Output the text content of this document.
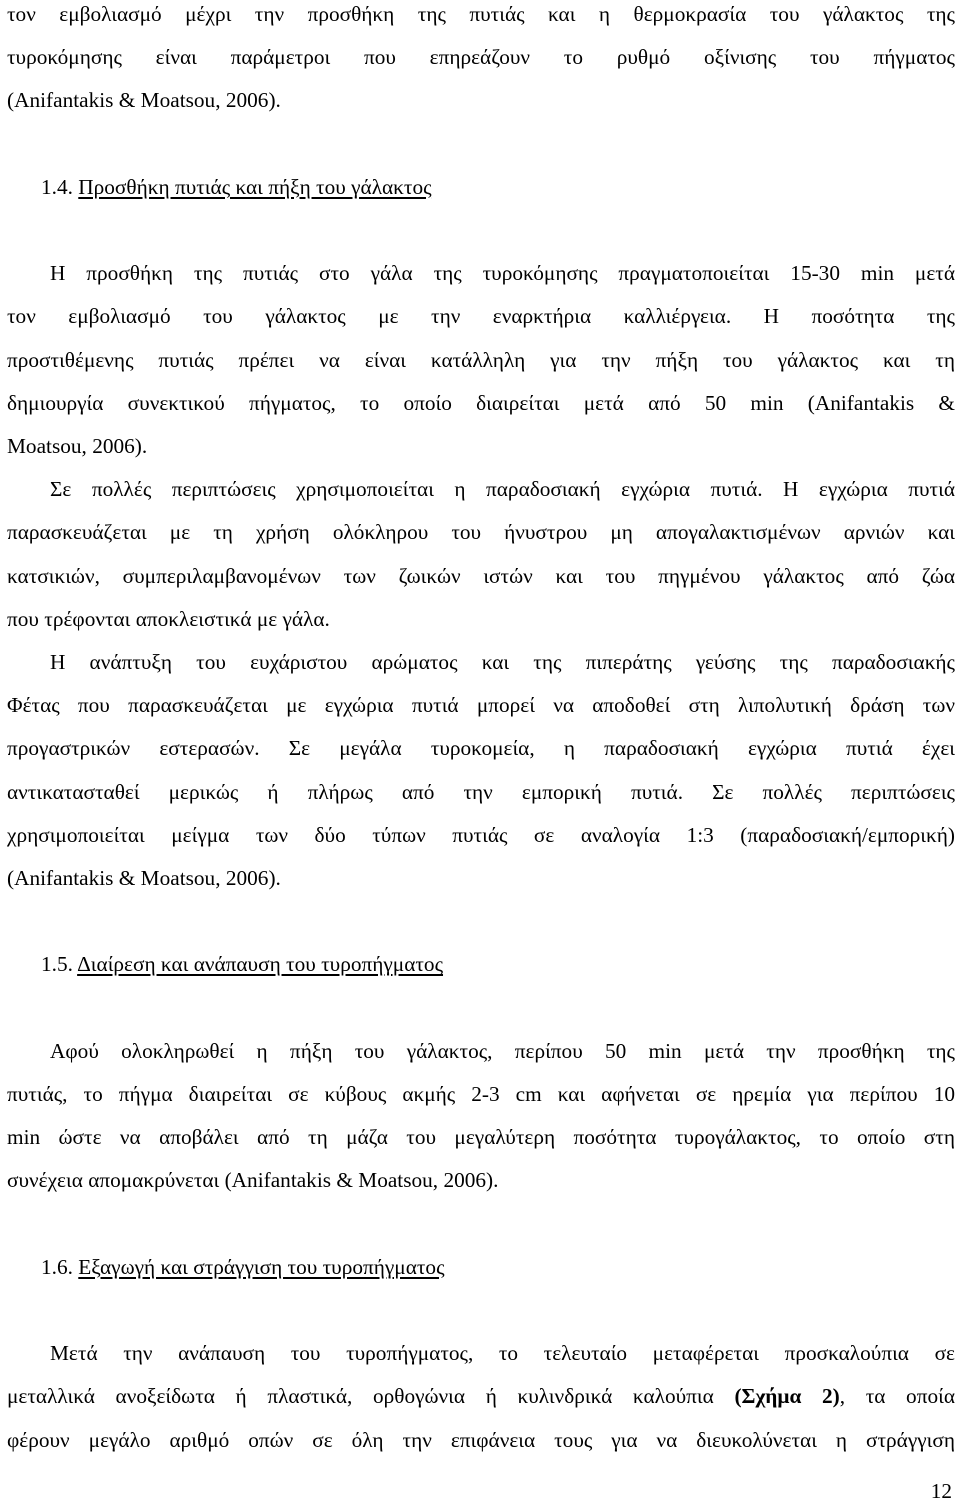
τον εμβολιασμό μέχρι την προσθήκη της πυτιάς και η θερμοκρασία του γάλακτος της
τυροκόμησης είναι παράμετροι που επηρεάζουν το ρυθμό οξίνισης του πήγματος
(Anifantakis & Moatsou, 2006).
1.4. Προσθήκη πυτιάς και πήξη του γάλακτος
Η προσθήκη της πυτιάς στο γάλα της τυροκόμησης πραγματοποιείται 15-30 min μετά
τον εμβολιασμό του γάλακτος με την εναρκτήρια καλλιέργεια. Η ποσότητα της
προστιθέμενης πυτιάς πρέπει να είναι κατάλληλη για την πήξη του γάλακτος και τη
δημιουργία συνεκτικού πήγματος, το οποίο διαιρείται μετά από 50 min (Anifantakis &
Moatsou, 2006).
Σε πολλές περιπτώσεις χρησιμοποιείται η παραδοσιακή εγχώρια πυτιά. Η εγχώρια πυτιά
παρασκευάζεται με τη χρήση ολόκληρου του ήνυστρου μη απογαλακτισμένων αρνιών και
κατσικιών, συμπεριλαμβανομένων των ζωικών ιστών και του πηγμένου γάλακτος από ζώα
που τρέφονται αποκλειστικά με γάλα.
Η ανάπτυξη του ευχάριστου αρώματος και της πιπεράτης γεύσης της παραδοσιακής
Φέτας που παρασκευάζεται με εγχώρια πυτιά μπορεί να αποδοθεί στη λιπολυτική δράση των
προγαστρικών εστερασών. Σε μεγάλα τυροκομεία, η παραδοσιακή εγχώρια πυτιά έχει
αντικατασταθεί μερικώς ή πλήρως από την εμπορική πυτιά. Σε πολλές περιπτώσεις
χρησιμοποιείται μείγμα των δύο τύπων πυτιάς σε αναλογία 1:3 (παραδοσιακή/εμπορική)
(Anifantakis & Moatsou, 2006).
1.5. Διαίρεση και ανάπαυση του τυροπήγματος
Αφού ολοκληρωθεί η πήξη του γάλακτος, περίπου 50 min μετά την προσθήκη της
πυτιάς, το πήγμα διαιρείται σε κύβους ακμής 2-3 cm και αφήνεται σε ηρεμία για περίπου 10
min ώστε να αποβάλει από τη μάζα του μεγαλύτερη ποσότητα τυρογάλακτος, το οποίο στη
συνέχεια απομακρύνεται (Anifantakis & Moatsou, 2006).
1.6. Εξαγωγή και στράγγιση του τυροπήγματος
Μετά την ανάπαυση του τυροπήγματος, το τελευταίο μεταφέρεται προσκαλούπια σε
μεταλλικά ανοξείδωτα ή πλαστικά, ορθογώνια ή κυλινδρικά καλούπια (Σχήμα 2), τα οποία
φέρουν μεγάλο αριθμό οπών σε όλη την επιφάνεια τους για να διευκολύνεται η στράγγιση
12
